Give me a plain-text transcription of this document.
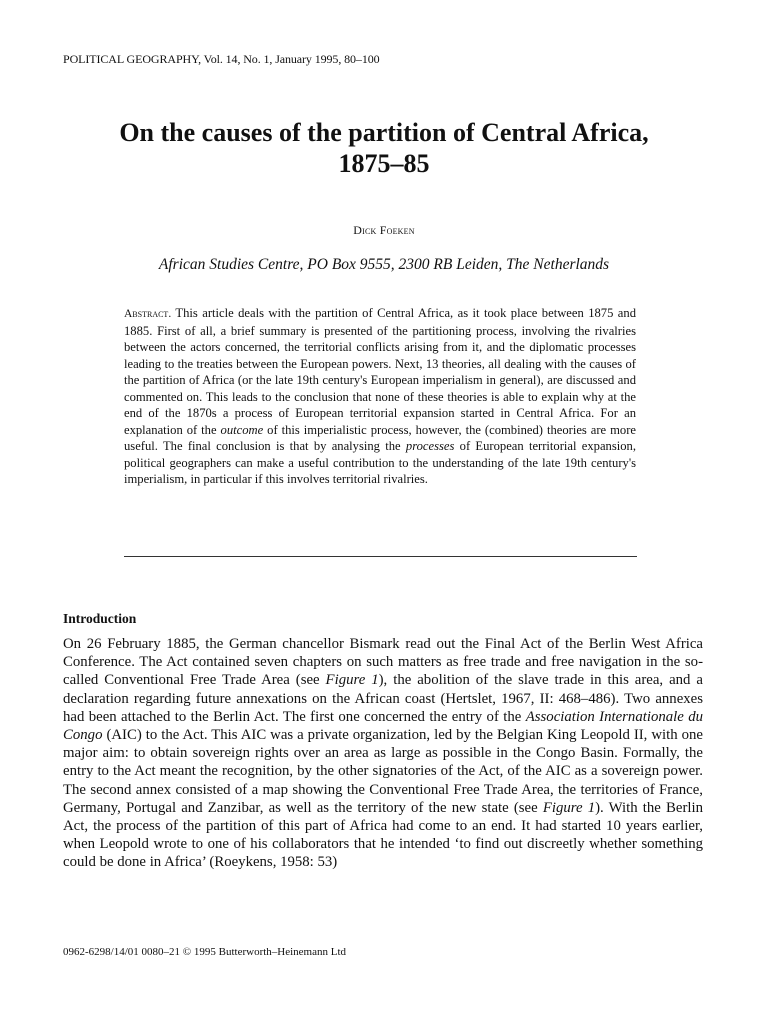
POLITICAL GEOGRAPHY, Vol. 14, No. 1, January 1995, 80–100
On the causes of the partition of Central Africa,
1875–85
Dick Foeken
African Studies Centre, PO Box 9555, 2300 RB Leiden, The Netherlands

Abstract. This article deals with the partition of Central Africa, as it took place between 1875 and 1885. First of all, a brief summary is presented of the partitioning process, involving the rivalries between the actors concerned, the territorial conflicts arising from it, and the diplomatic processes leading to the treaties between the European powers. Next, 13 theories, all dealing with the causes of the partition of Africa (or the late 19th century's European imperialism in general), are discussed and commented on. This leads to the conclusion that none of these theories is able to explain why at the end of the 1870s a process of European territorial expansion started in Central Africa. For an explanation of the outcome of this imperialistic process, however, the (combined) theories are more useful. The final conclusion is that by analysing the processes of European territorial expansion, political geographers can make a useful contribution to the understanding of the late 19th century's imperialism, in particular if this involves territorial rivalries.

Introduction

On 26 February 1885, the German chancellor Bismark read out the Final Act of the Berlin West Africa Conference. The Act contained seven chapters on such matters as free trade and free navigation in the so-called Conventional Free Trade Area (see Figure 1), the abolition of the slave trade in this area, and a declaration regarding future annexations on the African coast (Hertslet, 1967, II: 468–486). Two annexes had been attached to the Berlin Act. The first one concerned the entry of the Association Internationale du Congo (AIC) to the Act. This AIC was a private organization, led by the Belgian King Leopold II, with one major aim: to obtain sovereign rights over an area as large as possible in the Congo Basin. Formally, the entry to the Act meant the recognition, by the other signatories of the Act, of the AIC as a sovereign power. The second annex consisted of a map showing the Conventional Free Trade Area, the territories of France, Germany, Portugal and Zanzibar, as well as the territory of the new state (see Figure 1). With the Berlin Act, the process of the partition of this part of Africa had come to an end. It had started 10 years earlier, when Leopold wrote to one of his collaborators that he intended ‘to find out discreetly whether something could be done in Africa’ (Roeykens, 1958: 53)

0962-6298/14/01 0080–21 © 1995 Butterworth–Heinemann Ltd
